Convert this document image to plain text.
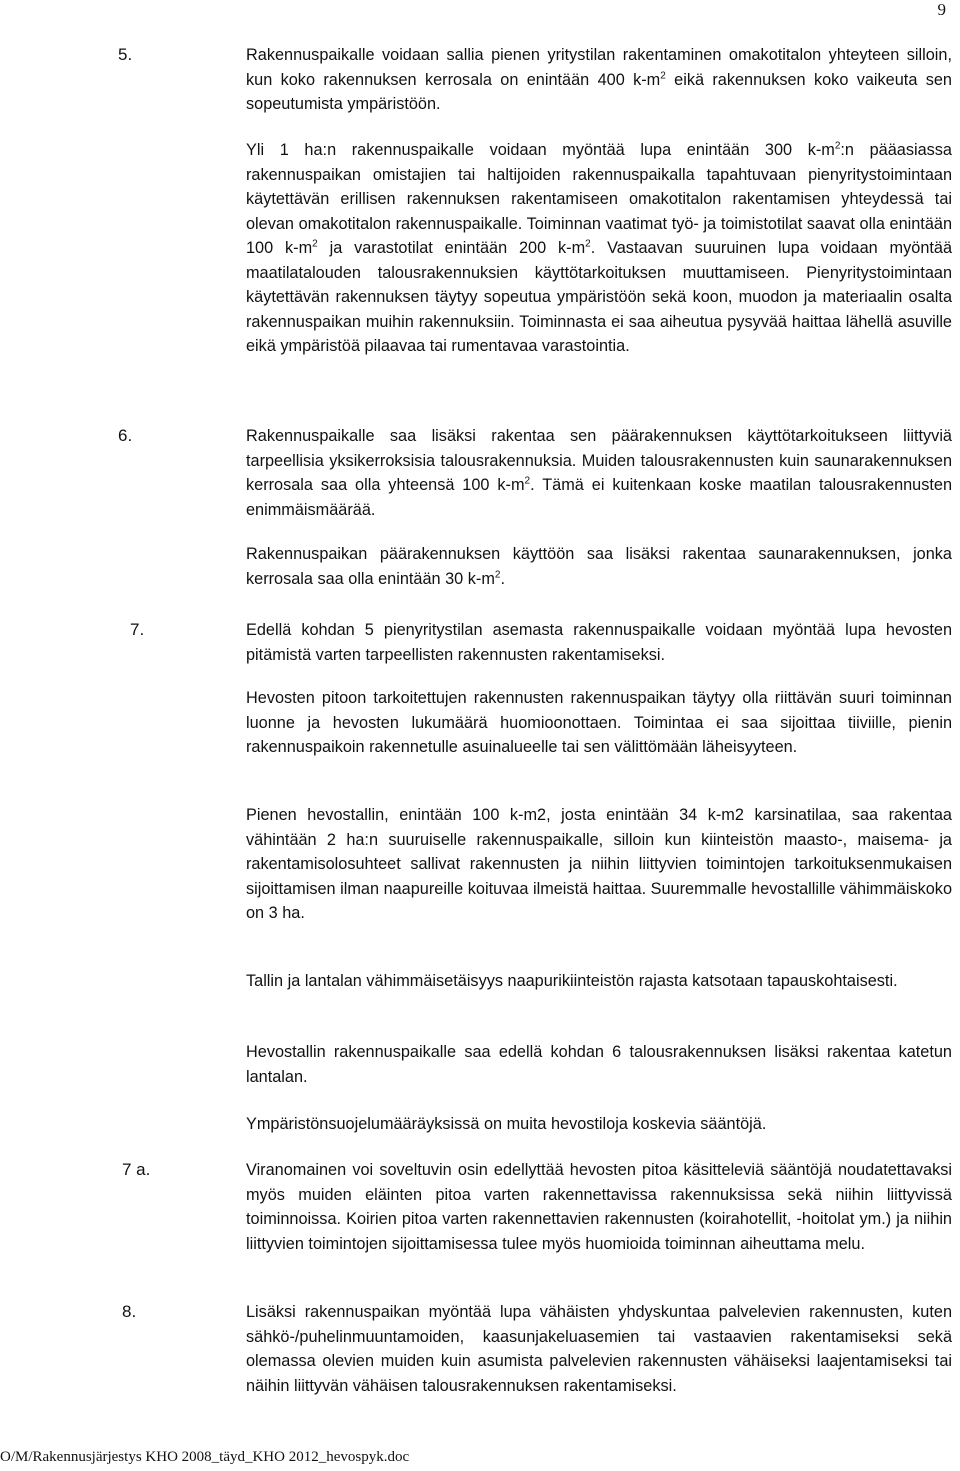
9
5.	Rakennuspaikalle voidaan sallia pienen yritystilan rakentaminen omakotitalon yhteyteen silloin, kun koko rakennuksen kerrosala on enintään 400 $k-m^2$ eikä rakennuksen koko vaikeuta sen sopeutumista ympäristöön.
Yli 1 ha:n rakennuspaikalle voidaan myöntää lupa enintään 300 $k-m^2:n$ pääasiassa rakennuspaikan omistajien tai haltijoiden rakennuspaikalla tapahtuvaan pienyritystoimintaan käytettävän erillisen rakennuksen rakentamiseen omakotitalon rakentamisen yhteydessä tai olevan omakotitalon rakennuspaikalle. Toiminnan vaatimat työ- ja toimistotilat saavat olla enintään 100 $k-m^2$ ja varastotilat enintään 200 $k-m^2$. Vastaavan suuruinen lupa voidaan myöntää maatilatalouden talousrakennuksien käyttötarkoituksen muuttamiseen. Pienyritystoimintaan käytettävän rakennuksen täytyy sopeutua ympäristöön sekä koon, muodon ja materiaalin osalta rakennuspaikan muihin rakennuksiin. Toiminnasta ei saa aiheutua pysyvää haittaa lähellä asuville eikä ympäristöä pilaavaa tai rumentavaa varastointia.
6.	Rakennuspaikalle saa lisäksi rakentaa sen päärakennuksen käyttötarkoitukseen liittyviä tarpeellisia yksikerroksisia talousrakennuksia. Muiden talousrakennusten kuin saunarakennuksen kerrosala saa olla yhteensä 100 $k-m^2$. Tämä ei kuitenkaan koske maatilan talousrakennusten enimmäismäärää.
Rakennuspaikan päärakennuksen käyttöön saa lisäksi rakentaa saunarakennuksen, jonka kerrosala saa olla enintään 30 $k-m^2$.
7.	Edellä kohdan 5 pienyritystilan asemasta rakennuspaikalle voidaan myöntää lupa hevosten pitämistä varten tarpeellisten rakennusten rakentamiseksi.
Hevosten pitoon tarkoitettujen rakennusten rakennuspaikan täytyy olla riittävän suuri toiminnan luonne ja hevosten lukumäärä huomioonottaen. Toimintaa ei saa sijoittaa tiiviille, pienin rakennuspaikoin rakennetulle asuinalueelle tai sen välittömään läheisyyteen.
Pienen hevostallin, enintään 100 k-m2, josta enintään 34 k-m2 karsinatilaa, saa rakentaa vähintään 2 ha:n suuruiselle rakennuspaikalle, silloin kun kiinteistön maasto-, maisema- ja rakentamisolosuhteet sallivat rakennusten ja niihin liittyvien toimintojen tarkoituksenmukaisen sijoittamisen ilman naapureille koituvaa ilmeistä haittaa. Suuremmalle hevostallille vähimmäiskoko on 3 ha.
Tallin ja lantalan vähimmäisetäisyys naapurikiinteistön rajasta katsotaan tapauskohtaisesti.
Hevostallin rakennuspaikalle saa edellä kohdan 6 talousrakennuksen lisäksi rakentaa katetun lantalan.
Ympäristönsuojelumääräyksissä on muita hevostiloja koskevia sääntöjä.
7 a.	Viranomainen voi soveltuvin osin edellyttää hevosten pitoa käsitteleviä sääntöjä noudatettavaksi myös muiden eläinten pitoa varten rakennettavissa rakennuksissa sekä niihin liittyvissä toiminnoissa. Koirien pitoa varten rakennettavien rakennusten (koirahotellit, -hoitolat ym.) ja niihin liittyvien toimintojen sijoittamisessa tulee myös huomioida toiminnan aiheuttama melu.
8.	Lisäksi rakennuspaikan myöntää lupa vähäisten yhdyskuntaa palvelevien rakennusten, kuten sähkö-/puhelinmuuntamoiden, kaasunjakeluasemien tai vastaavien rakentamiseksi sekä olemassa olevien muiden kuin asumista palvelevien rakennusten vähäiseksi laajentamiseksi tai näihin liittyvän vähäisen talousrakennuksen rakentamiseksi.
O/M/Rakennusjärjestys KHO 2008_täyd_KHO 2012_hevospyk.doc
